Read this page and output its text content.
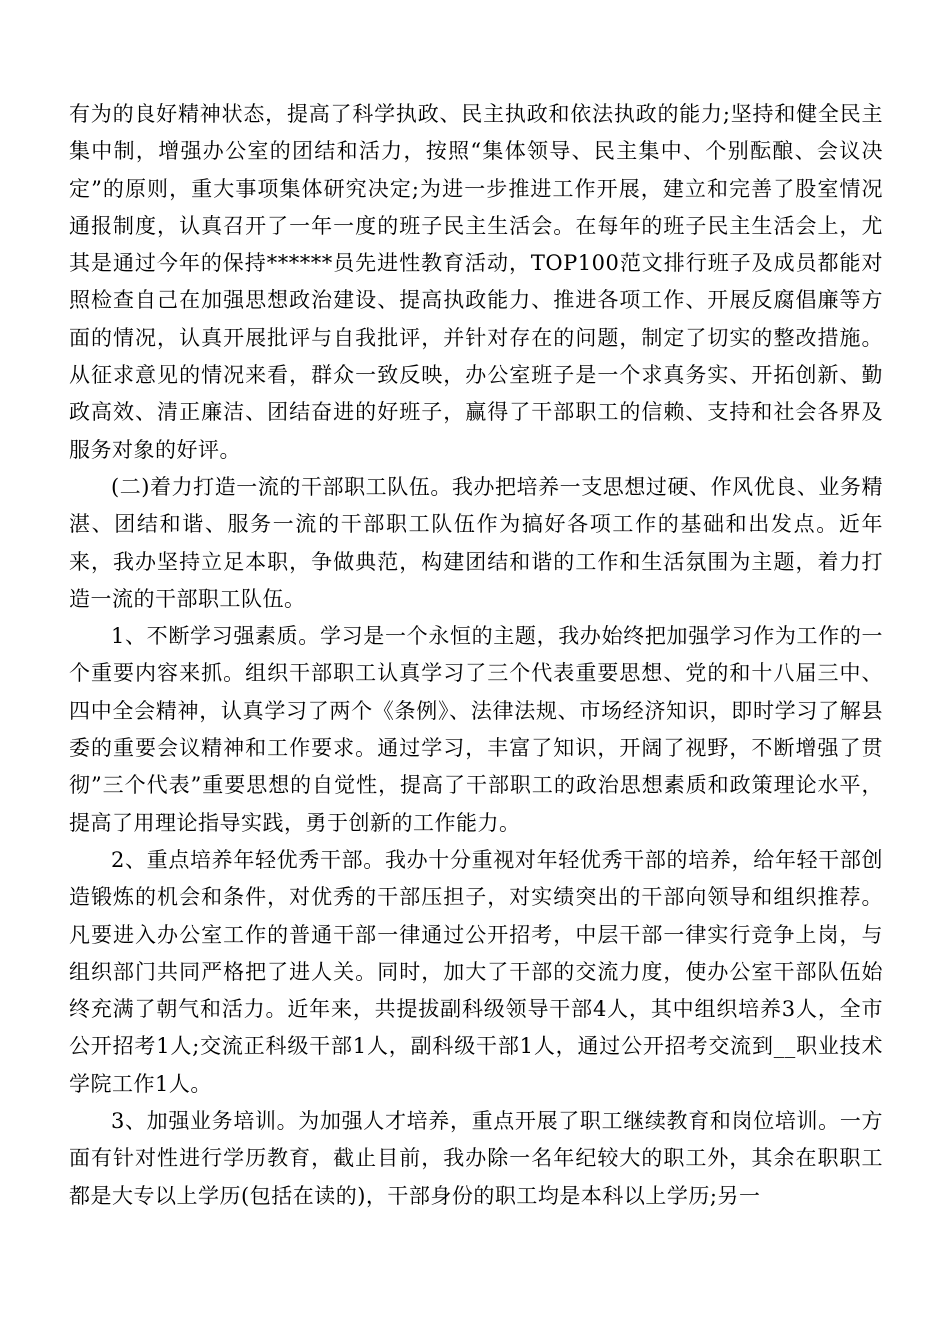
有为的良好精神状态，提高了科学执政、民主执政和依法执政的能力;坚持和健全民主集中制，增强办公室的团结和活力，按照“集体领导、民主集中、个别酝酿、会议决定”的原则，重大事项集体研究决定;为进一步推进工作开展，建立和完善了股室情况通报制度，认真召开了一年一度的班子民主生活会。在每年的班子民主生活会上，尤其是通过今年的保持******员先进性教育活动，TOP100范文排行班子及成员都能对照检查自己在加强思想政治建设、提高执政能力、推进各项工作、开展反腐倡廉等方面的情况，认真开展批评与自我批评，并针对存在的问题，制定了切实的整改措施。从征求意见的情况来看，群众一致反映，办公室班子是一个求真务实、开拓创新、勤政高效、清正廉洁、团结奋进的好班子，赢得了干部职工的信赖、支持和社会各界及服务对象的好评。

(二)着力打造一流的干部职工队伍。我办把培养一支思想过硬、作风优良、业务精湛、团结和谐、服务一流的干部职工队伍作为搞好各项工作的基础和出发点。近年来，我办坚持立足本职，争做典范，构建团结和谐的工作和生活氛围为主题，着力打造一流的干部职工队伍。

1、不断学习强素质。学习是一个永恒的主题，我办始终把加强学习作为工作的一个重要内容来抓。组织干部职工认真学习了三个代表重要思想、党的和十八届三中、四中全会精神，认真学习了两个《条例》、法律法规、市场经济知识，即时学习了解县委的重要会议精神和工作要求。通过学习，丰富了知识，开阔了视野，不断增强了贯彻”三个代表”重要思想的自觉性，提高了干部职工的政治思想素质和政策理论水平，提高了用理论指导实践，勇于创新的工作能力。

2、重点培养年轻优秀干部。我办十分重视对年轻优秀干部的培养，给年轻干部创造锻炼的机会和条件，对优秀的干部压担子，对实绩突出的干部向领导和组织推荐。凡要进入办公室工作的普通干部一律通过公开招考，中层干部一律实行竞争上岗，与组织部门共同严格把了进人关。同时，加大了干部的交流力度，使办公室干部队伍始终充满了朝气和活力。近年来，共提拔副科级领导干部4人，其中组织培养3人，全市公开招考1人;交流正科级干部1人，副科级干部1人，通过公开招考交流到__职业技术学院工作1人。

3、加强业务培训。为加强人才培养，重点开展了职工继续教育和岗位培训。一方面有针对性进行学历教育，截止目前，我办除一名年纪较大的职工外，其余在职职工都是大专以上学历(包括在读的)，干部身份的职工均是本科以上学历;另一
